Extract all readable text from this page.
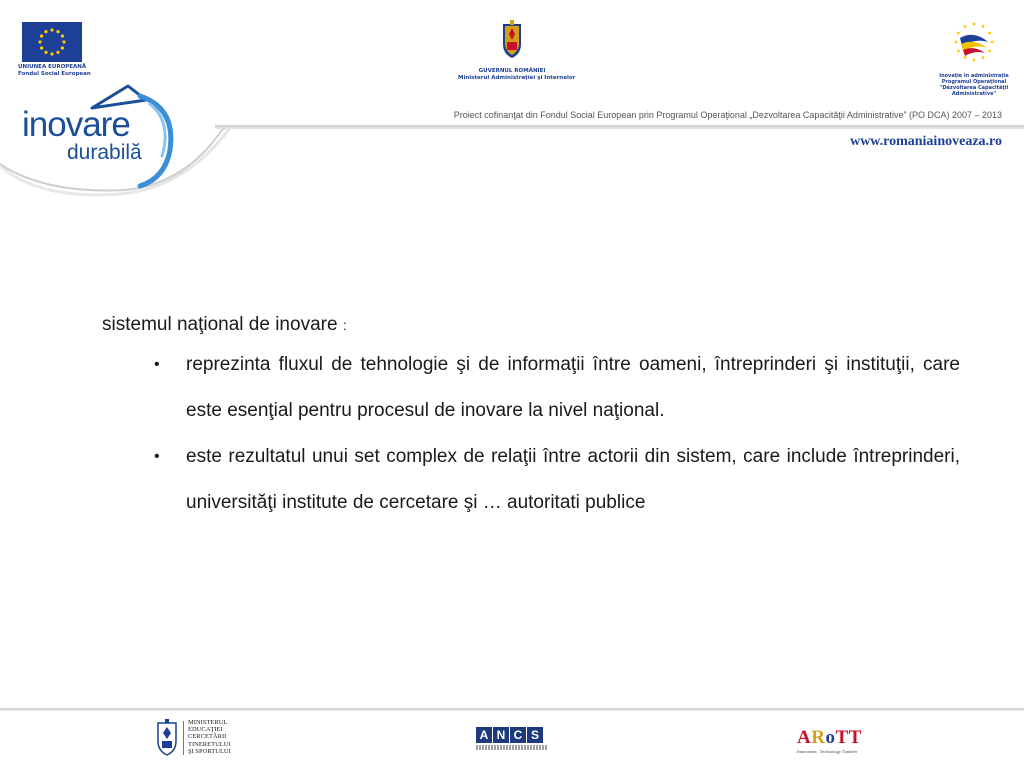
UNIUNEA EUROPEANĂ
Fondul Social European	GUVERNUL ROMÂNIEI
Ministerul Administraţiei şi Internelor	Inovaţie în administraţie
Programul Operaţional
"Dezvoltarea Capacităţii
Administrative"
inovare
durabilă
Proiect cofinanţat din Fondul Social European prin Programul Operaţional „Dezvoltarea Capacităţii Administrative” (PO DCA) 2007 – 2013
www.romaniainoveaza.ro
sistemul naţional de inovare :
• reprezinta fluxul de tehnologie şi de informaţii între oameni, întreprinderi şi instituţii, care este esenţial pentru procesul de inovare la nivel naţional.
• este rezultatul unui set complex de relaţii între actorii din sistem, care include întreprinderi, universităţi institute de cercetare şi … autoritati publice
MINISTERUL
EDUCAŢIEI
CERCETĂRII
TINERETULUI
ŞI SPORTULUI
A N C S	ARoTT
Innovation . Technology Transfer
